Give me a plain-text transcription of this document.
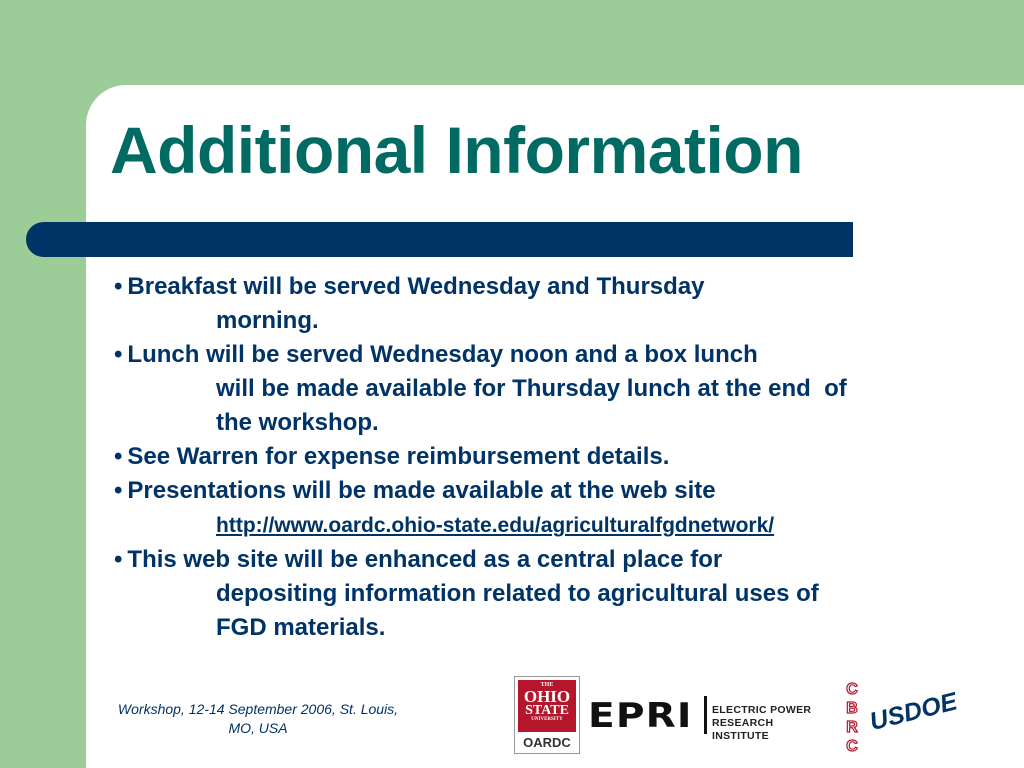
Additional Information
• Breakfast will be served Wednesday and Thursday
morning.
• Lunch will be served Wednesday noon and a box lunch
will be made available for Thursday lunch at the end  of
the workshop.
• See Warren for expense reimbursement details.
• Presentations will be made available at the web site
http://www.oardc.ohio-state.edu/agriculturalfgdnetwork/
• This web site will be enhanced as a central place for
depositing information related to agricultural uses of
FGD materials.
Workshop, 12-14 September 2006, St. Louis,
MO, USA
THE
OHIO
STATE
UNIVERSITY
OARDC
EPRI ELECTRIC POWER
RESEARCH INSTITUTE
C
B
R
C
USDOE
